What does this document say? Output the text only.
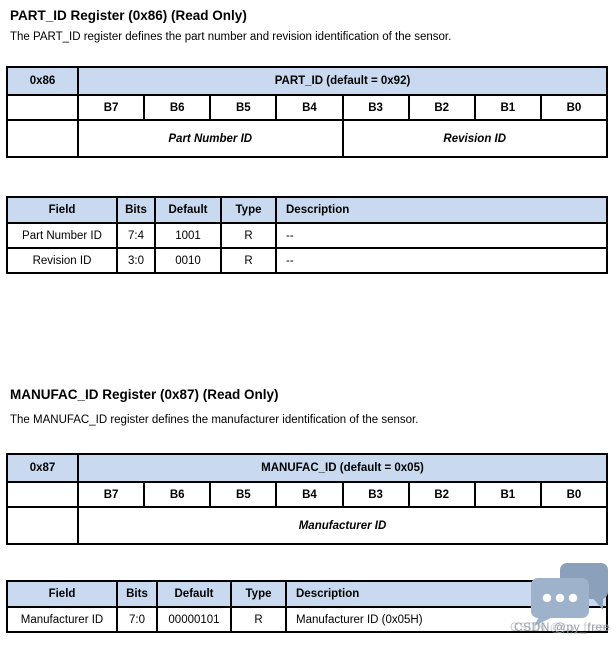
PART_ID Register (0x86) (Read Only)
The PART_ID register defines the part number and revision identification of the sensor.
0x86	PART_ID (default = 0x92)							
	B7	B6	B5	B4	B3	B2	B1	B0
	Part Number ID				Revision ID			
Field	Bits	Default	Type	Description
Part Number ID	7:4	1001	R	--
Revision ID	3:0	0010	R	--
MANUFAC_ID Register (0x87) (Read Only)
The MANUFAC_ID register defines the manufacturer identification of the sensor.
0x87	MANUFAC_ID (default = 0x05)							
	B7	B6	B5	B4	B3	B2	B1	B0
	Manufacturer ID							
Field	Bits	Default	Type	Description
Manufacturer ID	7:0	00000101	R	Manufacturer ID (0x05H)
CSDN @py_free
